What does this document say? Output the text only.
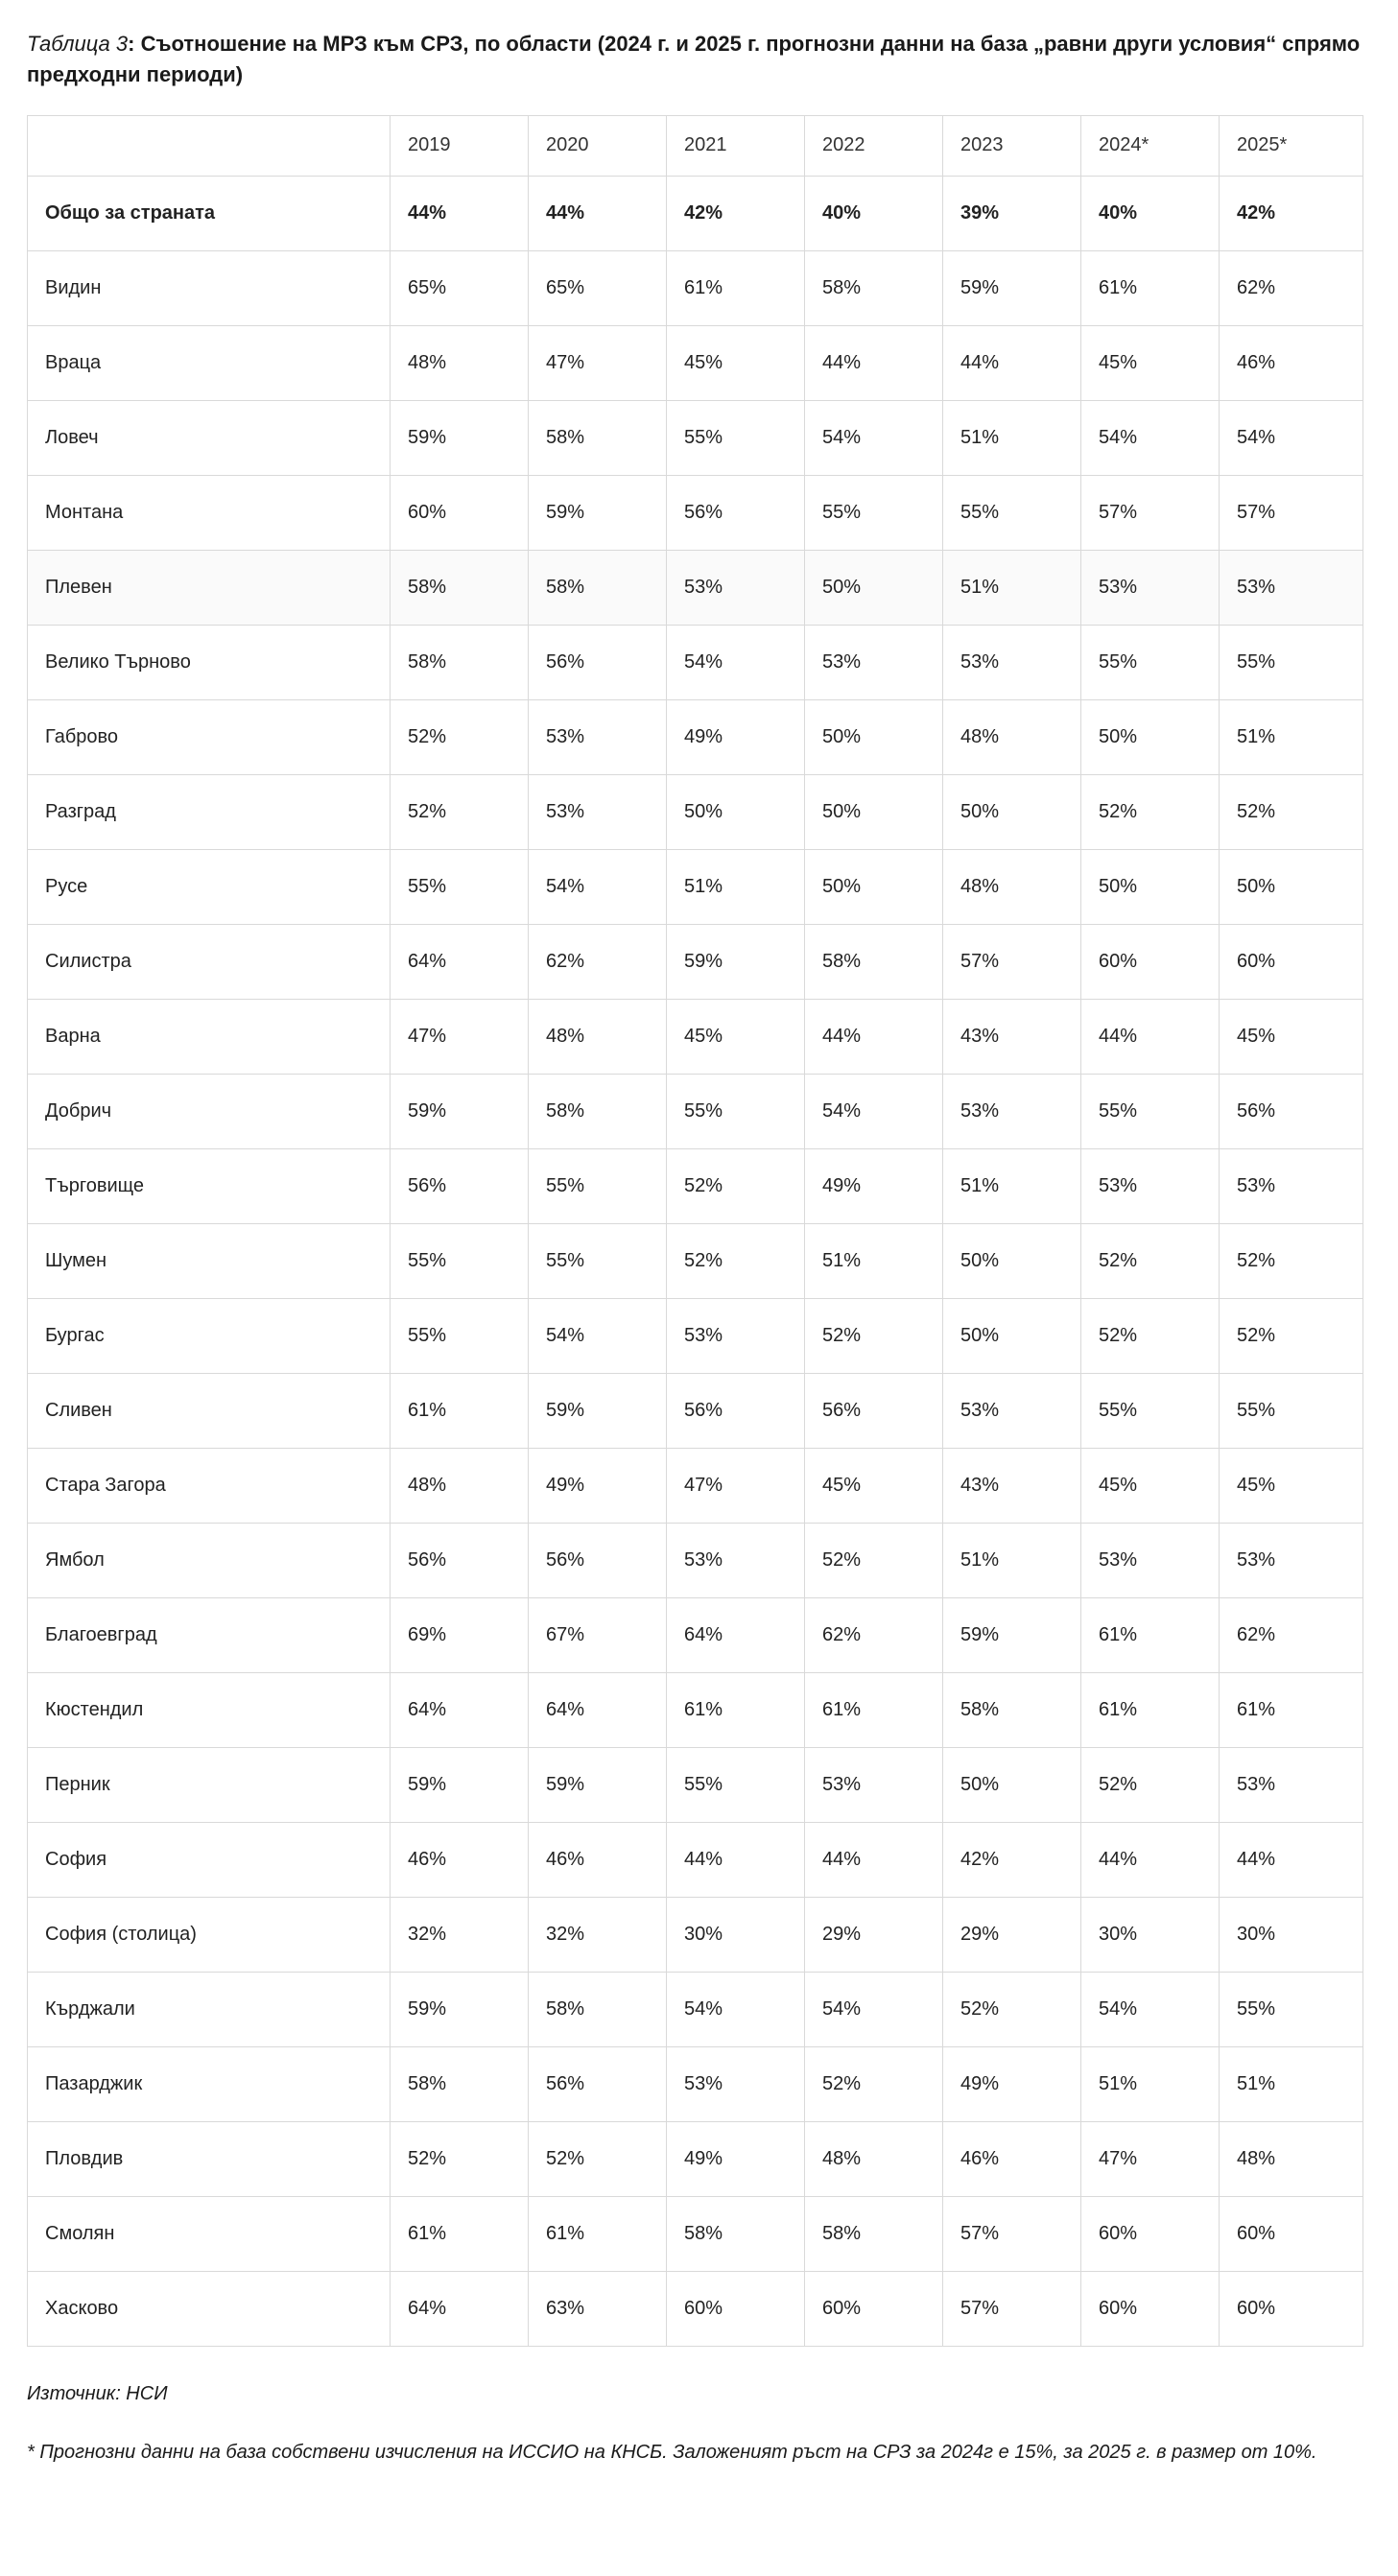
Таблица 3: Съотношение на МРЗ към СРЗ, по области (2024 г. и 2025 г. прогнозни данни на база „равни други условия“ спрямо предходни периоди)
	2019	2020	2021	2022	2023	2024*	2025*
Общо за страната	44%	44%	42%	40%	39%	40%	42%
Видин	65%	65%	61%	58%	59%	61%	62%
Враца	48%	47%	45%	44%	44%	45%	46%
Ловеч	59%	58%	55%	54%	51%	54%	54%
Монтана	60%	59%	56%	55%	55%	57%	57%
Плевен	58%	58%	53%	50%	51%	53%	53%
Велико Търново	58%	56%	54%	53%	53%	55%	55%
Габрово	52%	53%	49%	50%	48%	50%	51%
Разград	52%	53%	50%	50%	50%	52%	52%
Русе	55%	54%	51%	50%	48%	50%	50%
Силистра	64%	62%	59%	58%	57%	60%	60%
Варна	47%	48%	45%	44%	43%	44%	45%
Добрич	59%	58%	55%	54%	53%	55%	56%
Търговище	56%	55%	52%	49%	51%	53%	53%
Шумен	55%	55%	52%	51%	50%	52%	52%
Бургас	55%	54%	53%	52%	50%	52%	52%
Сливен	61%	59%	56%	56%	53%	55%	55%
Стара Загора	48%	49%	47%	45%	43%	45%	45%
Ямбол	56%	56%	53%	52%	51%	53%	53%
Благоевград	69%	67%	64%	62%	59%	61%	62%
Кюстендил	64%	64%	61%	61%	58%	61%	61%
Перник	59%	59%	55%	53%	50%	52%	53%
София	46%	46%	44%	44%	42%	44%	44%
София (столица)	32%	32%	30%	29%	29%	30%	30%
Кърджали	59%	58%	54%	54%	52%	54%	55%
Пазарджик	58%	56%	53%	52%	49%	51%	51%
Пловдив	52%	52%	49%	48%	46%	47%	48%
Смолян	61%	61%	58%	58%	57%	60%	60%
Хасково	64%	63%	60%	60%	57%	60%	60%
Източник: НСИ
* Прогнозни данни на база собствени изчисления на ИССИО на КНСБ. Заложеният ръст на СРЗ за 2024г е 15%, за 2025 г. в размер от 10%.
